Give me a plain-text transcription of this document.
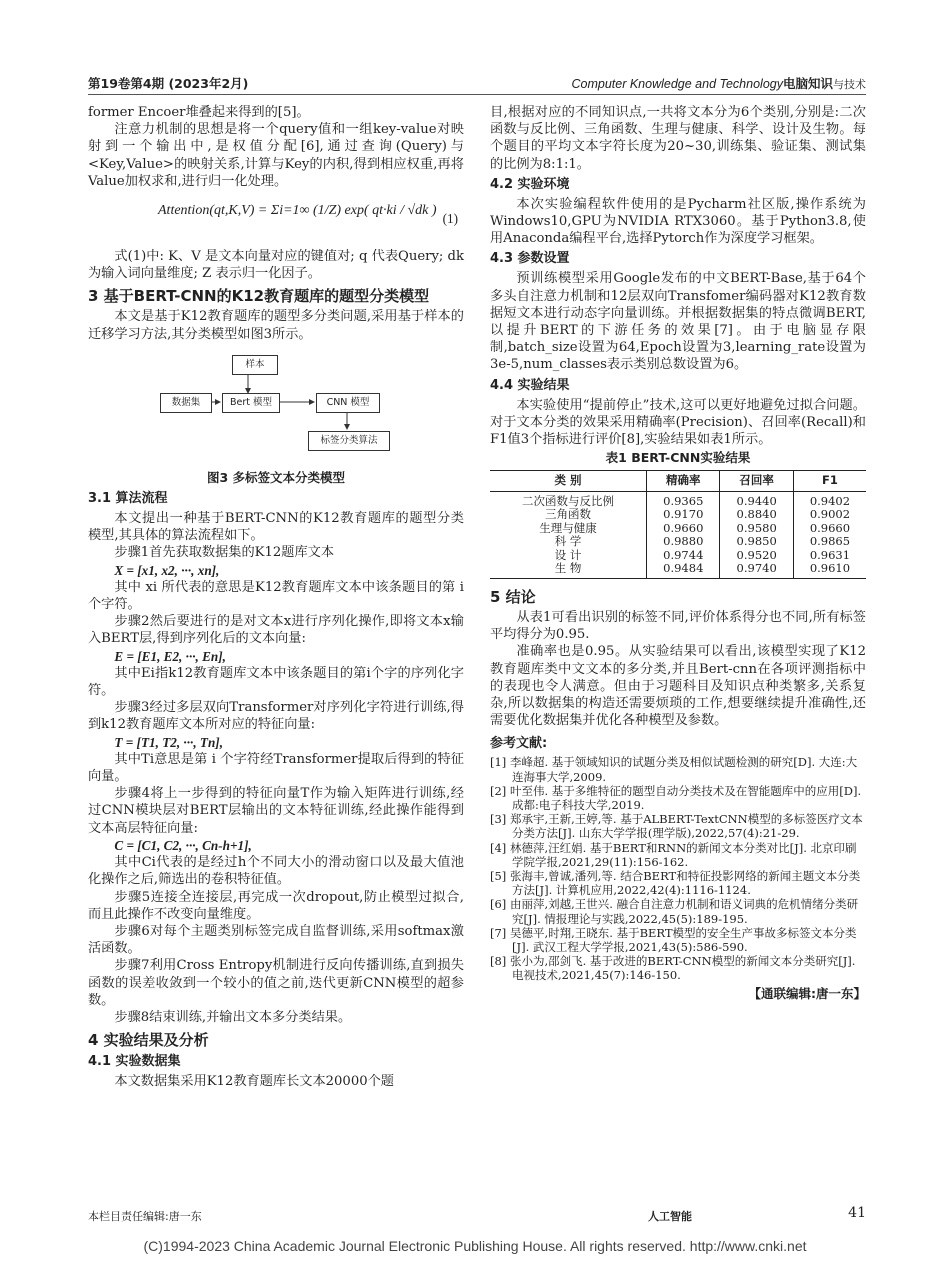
第19卷第4期 (2023年2月)	Computer Knowledge and Technology电脑知识与技术

former Encoer堆叠起来得到的[5]。

注意力机制的思想是将一个query值和一组key-value对映射到一个输出中,是权值分配[6],通过查询(Query)与<Key,Value>的映射关系,计算与Key的内积,得到相应权重,再将Value加权求和,进行归一化处理。

Attention(qt,K,V) = Σi=1∞ (1/Z) exp( qt·ki / √dk )
(1)

式(1)中: K、V 是文本向量对应的键值对; q 代表Query; dk 为输入词向量维度; Z 表示归一化因子。

3 基于BERT-CNN的K12教育题库的题型分类模型

本文是基于K12教育题库的题型多分类问题,采用基于样本的迁移学习方法,其分类模型如图3所示。

样本
数据集	Bert 模型	CNN 模型
标签分类算法
图3 多标签文本分类模型
3.1 算法流程

本文提出一种基于BERT-CNN的K12教育题库的题型分类模型,其具体的算法流程如下。

步骤1首先获取数据集的K12题库文本

X = [x1, x2, ···, xn],

其中 xi 所代表的意思是K12教育题库文本中该条题目的第 i 个字符。

步骤2然后要进行的是对文本x进行序列化操作,即将文本x输入BERT层,得到序列化后的文本向量:

E = [E1, E2, ···, En],

其中Ei指k12教育题库文本中该条题目的第i个字的序列化字符。

步骤3经过多层双向Transformer对序列化字符进行训练,得到k12教育题库文本所对应的特征向量:

T = [T1, T2, ···, Tn],

其中Ti意思是第 i 个字符经Transformer提取后得到的特征向量。

步骤4将上一步得到的特征向量T作为输入矩阵进行训练,经过CNN模块层对BERT层输出的文本特征训练,经此操作能得到文本高层特征向量:

C = [C1, C2, ···, Cn-h+1],

其中Ci代表的是经过h个不同大小的滑动窗口以及最大值池化操作之后,筛选出的卷积特征值。

步骤5连接全连接层,再完成一次dropout,防止模型过拟合,而且此操作不改变向量维度。

步骤6对每个主题类别标签完成自监督训练,采用softmax激活函数。

步骤7利用Cross Entropy机制进行反向传播训练,直到损失函数的误差收敛到一个较小的值之前,迭代更新CNN模型的超参数。

步骤8结束训练,并输出文本多分类结果。

4 实验结果及分析
4.1 实验数据集

本文数据集采用K12教育题库长文本20000个题

目,根据对应的不同知识点,一共将文本分为6个类别,分别是:二次函数与反比例、三角函数、生理与健康、科学、设计及生物。每个题目的平均文本字符长度为20~30,训练集、验证集、测试集的比例为8:1:1。

4.2 实验环境

本次实验编程软件使用的是Pycharm社区版,操作系统为Windows10,GPU为NVIDIA RTX3060。基于Python3.8,使用Anaconda编程平台,选择Pytorch作为深度学习框架。

4.3 参数设置

预训练模型采用Google发布的中文BERT-Base,基于64个多头自注意力机制和12层双向Transfomer编码器对K12教育数据短文本进行动态字向量训练。并根据数据集的特点微调BERT,以提升BERT的下游任务的效果[7]。由于电脑显存限制,batch_size设置为64,Epoch设置为3,learning_rate设置为3e-5,num_classes表示类别总数设置为6。

4.4 实验结果

本实验使用“提前停止”技术,这可以更好地避免过拟合问题。对于文本分类的效果采用精确率(Precision)、召回率(Recall)和F1值3个指标进行评价[8],实验结果如表1所示。

表1 BERT-CNN实验结果
类 别	精确率	召回率	F1
二次函数与反比例	0.9365	0.9440	0.9402
三角函数	0.9170	0.8840	0.9002
生理与健康	0.9660	0.9580	0.9660
科 学	0.9880	0.9850	0.9865
设 计	0.9744	0.9520	0.9631
生 物	0.9484	0.9740	0.9610
5 结论

从表1可看出识别的标签不同,评价体系得分也不同,所有标签平均得分为0.95.

准确率也是0.95。从实验结果可以看出,该模型实现了K12教育题库类中文文本的多分类,并且Bert-cnn在各项评测指标中的表现也令人满意。但由于习题科目及知识点种类繁多,关系复杂,所以数据集的构造还需要烦琐的工作,想要继续提升准确性,还需要优化数据集并优化各种模型及参数。

参考文献:

[1] 李峰超. 基于领域知识的试题分类及相似试题检测的研究[D]. 大连:大连海事大学,2009.

[2] 叶至伟. 基于多维特征的题型自动分类技术及在智能题库中的应用[D]. 成都:电子科技大学,2019.

[3] 郑承宇,王新,王婷,等. 基于ALBERT-TextCNN模型的多标签医疗文本分类方法[J]. 山东大学学报(理学版),2022,57(4):21-29.

[4] 林德萍,汪红娟. 基于BERT和RNN的新闻文本分类对比[J]. 北京印刷学院学报,2021,29(11):156-162.

[5] 张海丰,曾诚,潘列,等. 结合BERT和特征投影网络的新闻主题文本分类方法[J]. 计算机应用,2022,42(4):1116-1124.

[6] 由丽萍,刘越,王世兴. 融合自注意力机制和语义词典的危机情绪分类研究[J]. 情报理论与实践,2022,45(5):189-195.

[7] 吴德平,时翔,王晓东. 基于BERT模型的安全生产事故多标签文本分类[J]. 武汉工程大学学报,2021,43(5):586-590.

[8] 张小为,邵剑飞. 基于改进的BERT-CNN模型的新闻文本分类研究[J]. 电视技术,2021,45(7):146-150.

【通联编辑:唐一东】
本栏目责任编辑:唐一东	人工智能	41
(C)1994-2023 China Academic Journal Electronic Publishing House. All rights reserved. http://www.cnki.net
